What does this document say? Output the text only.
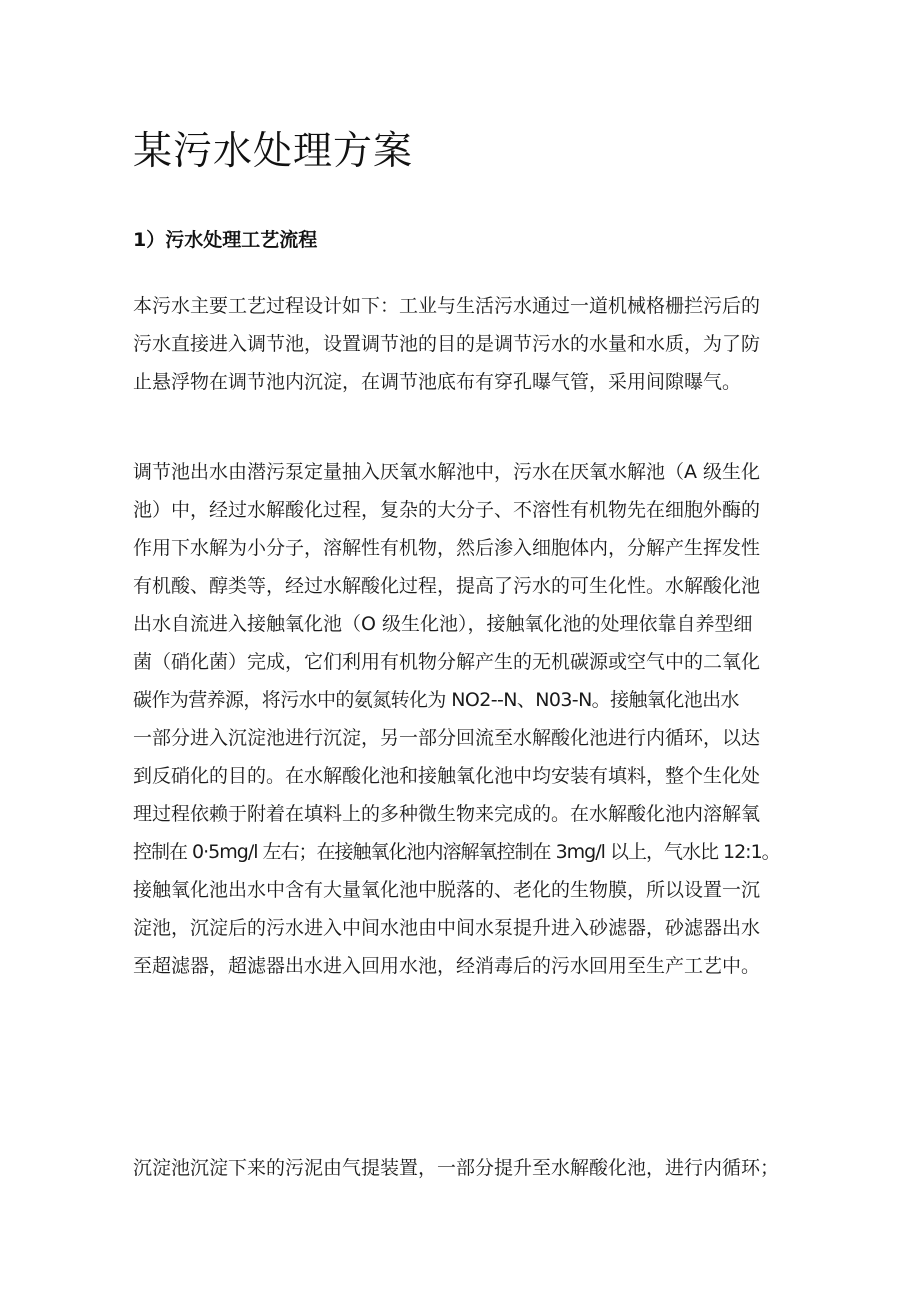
某污水处理方案
1）污水处理工艺流程
本污水主要工艺过程设计如下：工业与生活污水通过一道机械格栅拦污后的
污水直接进入调节池，设置调节池的目的是调节污水的水量和水质，为了防
止悬浮物在调节池内沉淀，在调节池底布有穿孔曝气管，采用间隙曝气。
调节池出水由潜污泵定量抽入厌氧水解池中，污水在厌氧水解池（A 级生化
池）中，经过水解酸化过程，复杂的大分子、不溶性有机物先在细胞外酶的
作用下水解为小分子，溶解性有机物，然后渗入细胞体内，分解产生挥发性
有机酸、醇类等，经过水解酸化过程，提高了污水的可生化性。水解酸化池
出水自流进入接触氧化池（O 级生化池），接触氧化池的处理依靠自养型细
菌（硝化菌）完成，它们利用有机物分解产生的无机碳源或空气中的二氧化
碳作为营养源，将污水中的氨氮转化为 NO2--N、N03-N。接触氧化池出水
一部分进入沉淀池进行沉淀，另一部分回流至水解酸化池进行内循环，以达
到反硝化的目的。在水解酸化池和接触氧化池中均安装有填料，整个生化处
理过程依赖于附着在填料上的多种微生物来完成的。在水解酸化池内溶解氧
控制在 0·5mg/l 左右；在接触氧化池内溶解氧控制在 3mg/l 以上，气水比 12:1。
接触氧化池出水中含有大量氧化池中脱落的、老化的生物膜，所以设置一沉
淀池，沉淀后的污水进入中间水池由中间水泵提升进入砂滤器，砂滤器出水
至超滤器，超滤器出水进入回用水池，经消毒后的污水回用至生产工艺中。
沉淀池沉淀下来的污泥由气提装置，一部分提升至水解酸化池，进行内循环；
